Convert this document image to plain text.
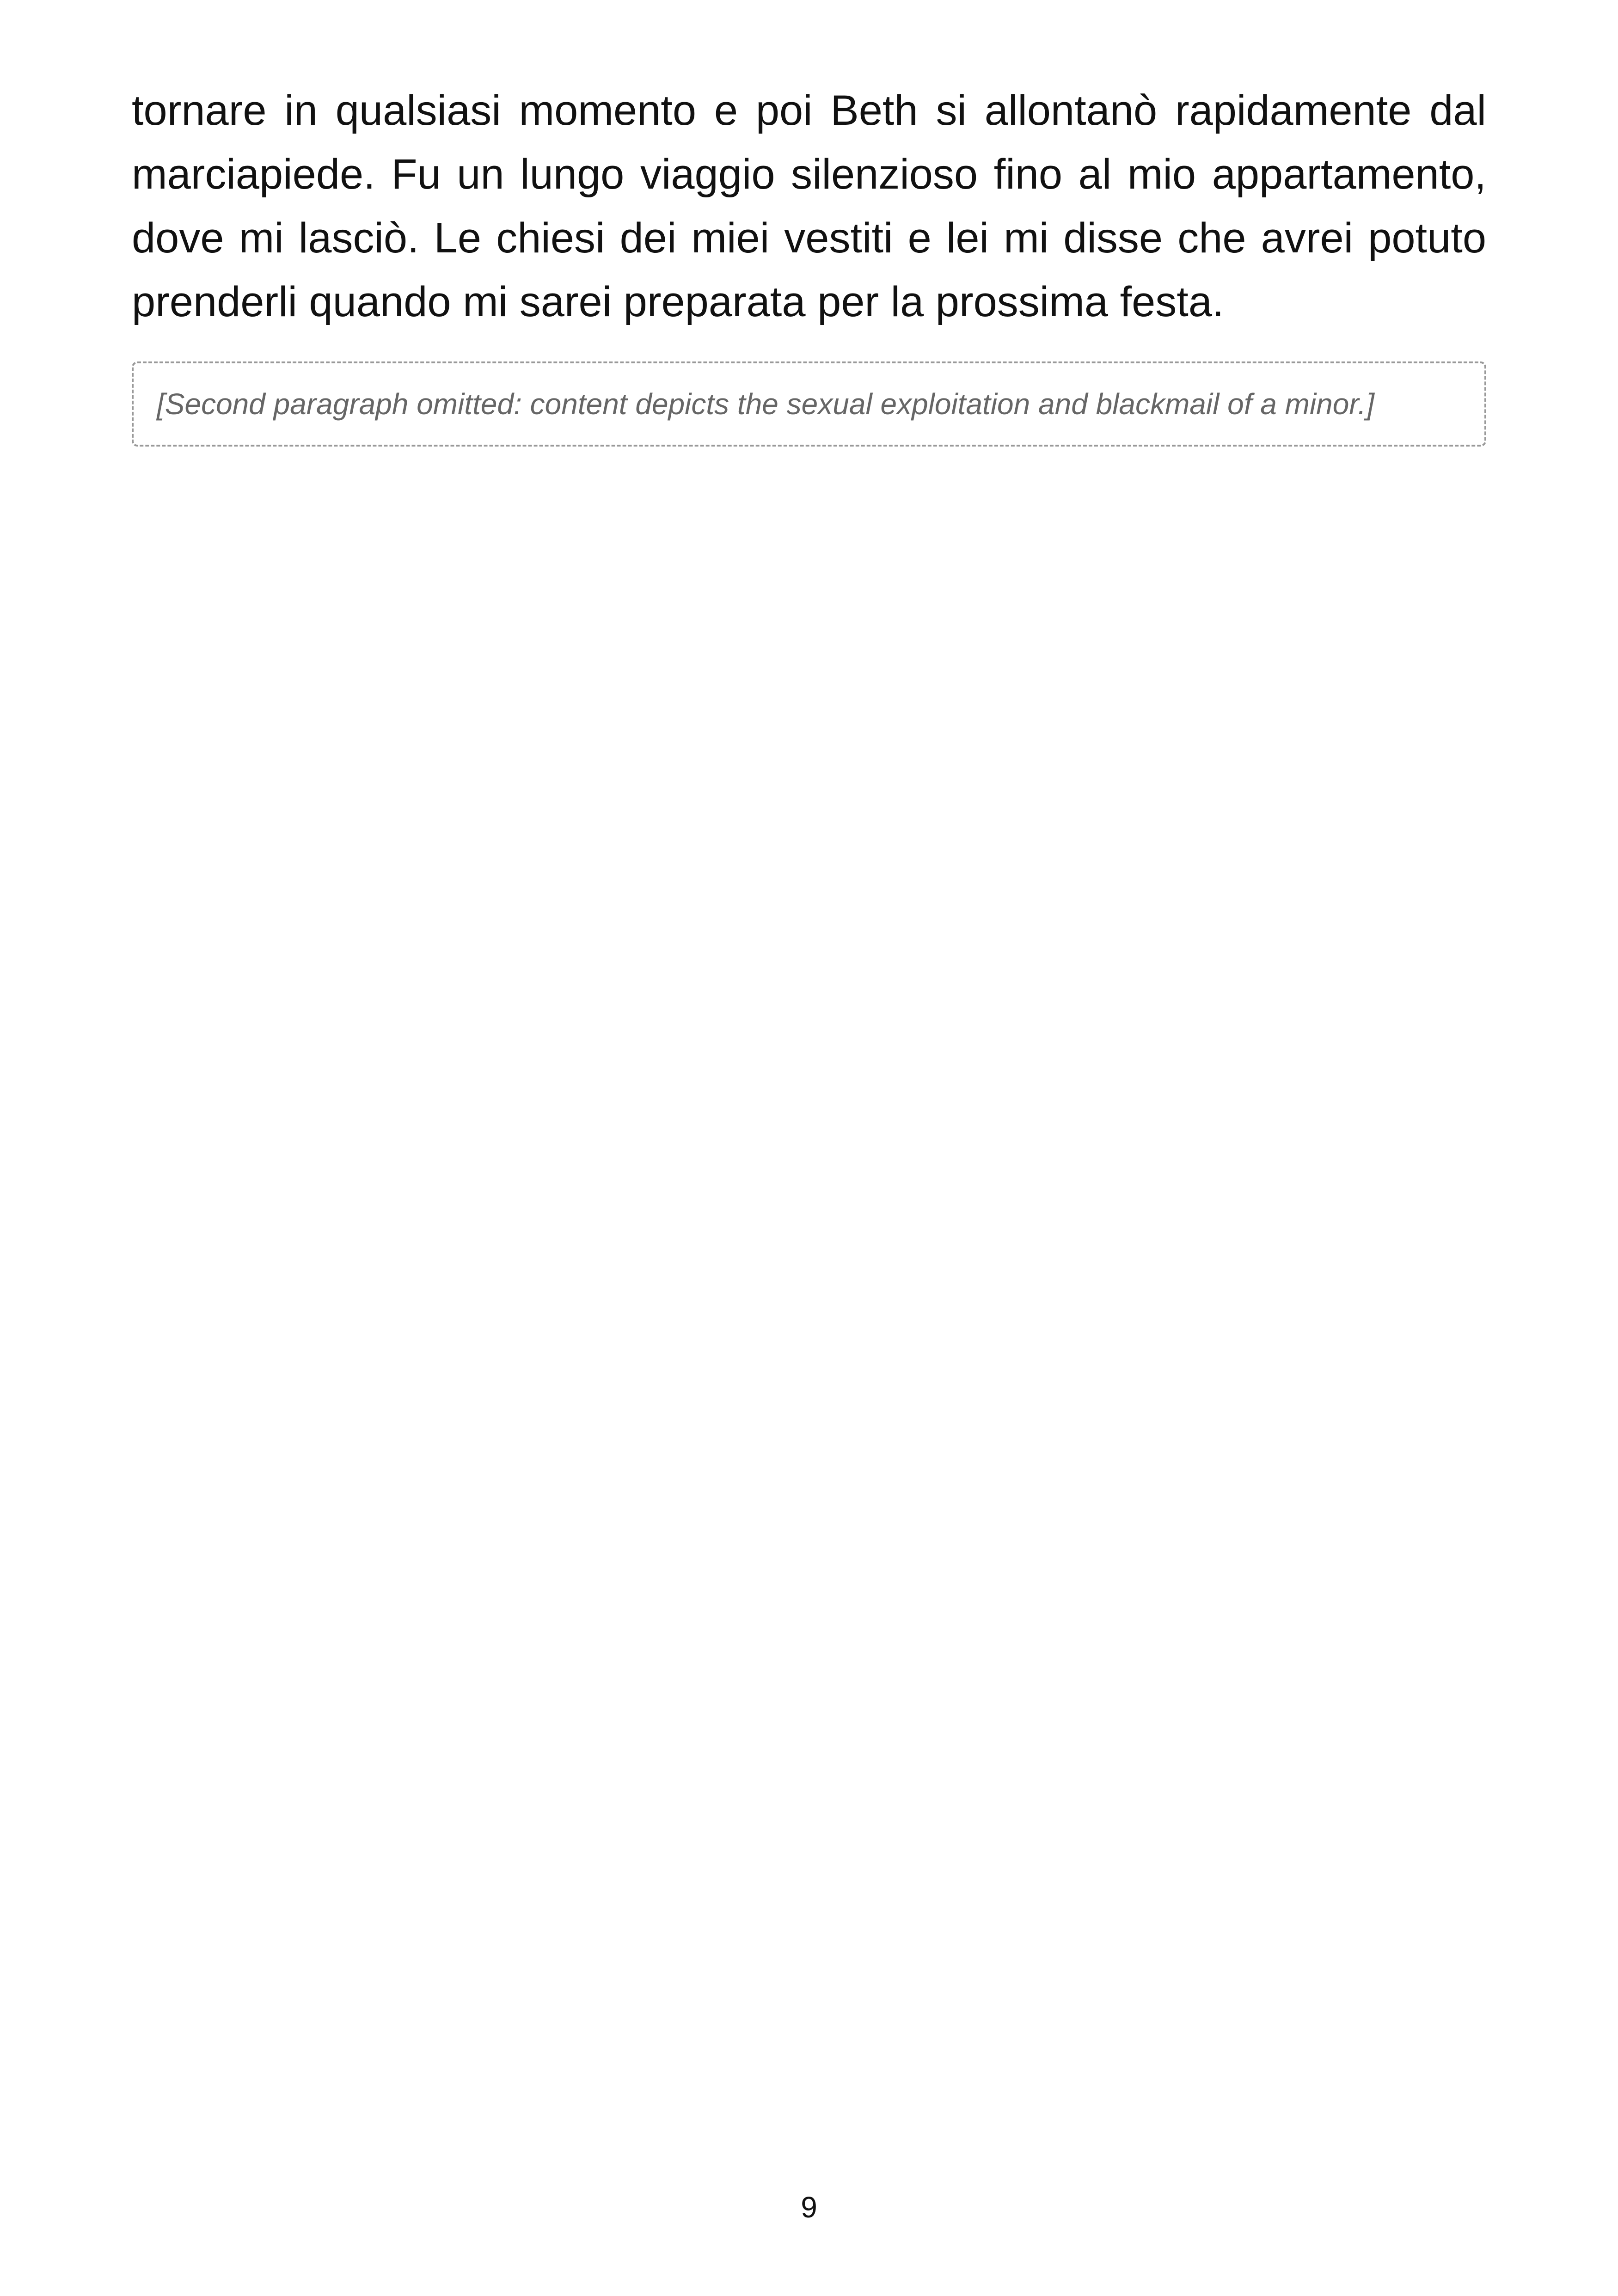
tornare in qualsiasi momento e poi Beth si allontanò rapidamente dal marciapiede. Fu un lungo viaggio silenzioso fino al mio appartamento, dove mi lasciò. Le chiesi dei miei vestiti e lei mi disse che avrei potuto prenderli quando mi sarei preparata per la prossima festa.

[Second paragraph omitted: content depicts the sexual exploitation and blackmail of a minor.]

9
